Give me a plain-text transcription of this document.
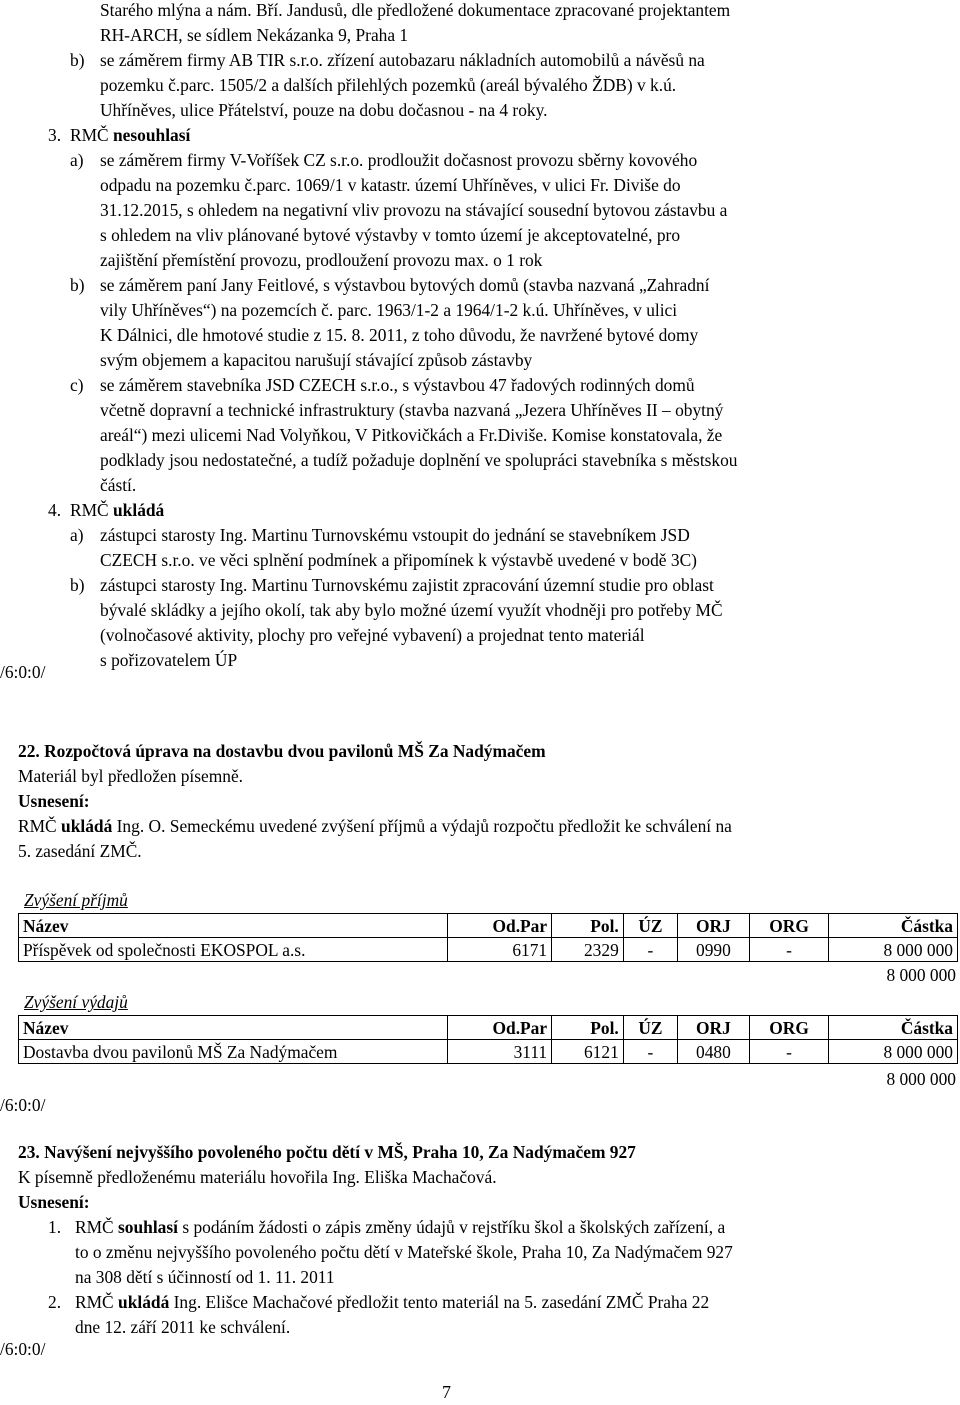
Starého mlýna a nám. Bří. Jandusů, dle předložené dokumentace zpracované projektantem
RH-ARCH, se sídlem Nekázanka 9, Praha 1
b) se záměrem firmy AB TIR s.r.o. zřízení autobazaru nákladních automobilů a návěsů na
pozemku č.parc. 1505/2 a dalších přilehlých pozemků (areál bývalého ŽDB) v k.ú.
Uhříněves, ulice Přátelství, pouze na dobu dočasnou - na 4 roky.
3. RMČ nesouhlasí
a) se záměrem firmy V-Voříšek CZ s.r.o. prodloužit dočasnost provozu sběrny kovového
odpadu na pozemku č.parc. 1069/1 v katastr. území Uhříněves, v ulici Fr. Diviše do
31.12.2015, s ohledem na negativní vliv provozu na stávající sousední bytovou zástavbu a
s ohledem na vliv plánované bytové výstavby v tomto území je akceptovatelné, pro
zajištění přemístění provozu, prodloužení provozu max. o 1 rok
b) se záměrem paní Jany Feitlové, s výstavbou bytových domů (stavba nazvaná „Zahradní
vily Uhříněves“) na pozemcích č. parc. 1963/1-2 a 1964/1-2 k.ú. Uhříněves, v ulici
K Dálnici, dle hmotové studie z 15. 8. 2011, z toho důvodu, že navržené bytové domy
svým objemem a kapacitou narušují stávající způsob zástavby
c) se záměrem stavebníka JSD CZECH s.r.o., s výstavbou 47 řadových rodinných domů
včetně dopravní a technické infrastruktury (stavba nazvaná „Jezera Uhříněves II – obytný
areál“) mezi ulicemi Nad Volyňkou, V Pitkovičkách a Fr.Diviše. Komise konstatovala, že
podklady jsou nedostatečné, a tudíž požaduje doplnění ve spolupráci stavebníka s městskou
částí.
4. RMČ ukládá
a) zástupci starosty Ing. Martinu Turnovskému vstoupit do jednání se stavebníkem JSD
CZECH s.r.o. ve věci splnění podmínek a připomínek k výstavbě uvedené v bodě 3C)
b) zástupci starosty Ing. Martinu Turnovskému zajistit zpracování územní studie pro oblast
bývalé skládky a jejího okolí, tak aby bylo možné území využít vhodněji pro potřeby MČ
(volnočasové aktivity, plochy pro veřejné vybavení) a projednat tento materiál
s pořizovatelem ÚP
/6:0:0/
22. Rozpočtová úprava na dostavbu dvou pavilonů MŠ Za Nadýmačem
Materiál byl předložen písemně.
Usnesení:
RMČ ukládá Ing. O. Semeckému uvedené zvýšení příjmů a výdajů rozpočtu předložit ke schválení na
5. zasedání ZMČ.
Zvýšení příjmů
Název	Od.Par	Pol.	ÚZ	ORJ	ORG	Částka
Příspěvek od společnosti EKOSPOL a.s.	6171	2329	-	0990	-	8 000 000
8 000 000
Zvýšení výdajů
Název	Od.Par	Pol.	ÚZ	ORJ	ORG	Částka
Dostavba dvou pavilonů MŠ Za Nadýmačem	3111	6121	-	0480	-	8 000 000
8 000 000
/6:0:0/
23. Navýšení nejvyššího povoleného počtu dětí v MŠ, Praha 10, Za Nadýmačem 927
K písemně předloženému materiálu hovořila Ing. Eliška Machačová.
Usnesení:
1. RMČ souhlasí s podáním žádosti o zápis změny údajů v rejstříku škol a školských zařízení, a
to o změnu nejvyššího povoleného počtu dětí v Mateřské škole, Praha 10, Za Nadýmačem 927
na 308 dětí s účinností od 1. 11. 2011
2. RMČ ukládá Ing. Elišce Machačové předložit tento materiál na 5. zasedání ZMČ Praha 22
dne 12. září 2011 ke schválení.
/6:0:0/
7
